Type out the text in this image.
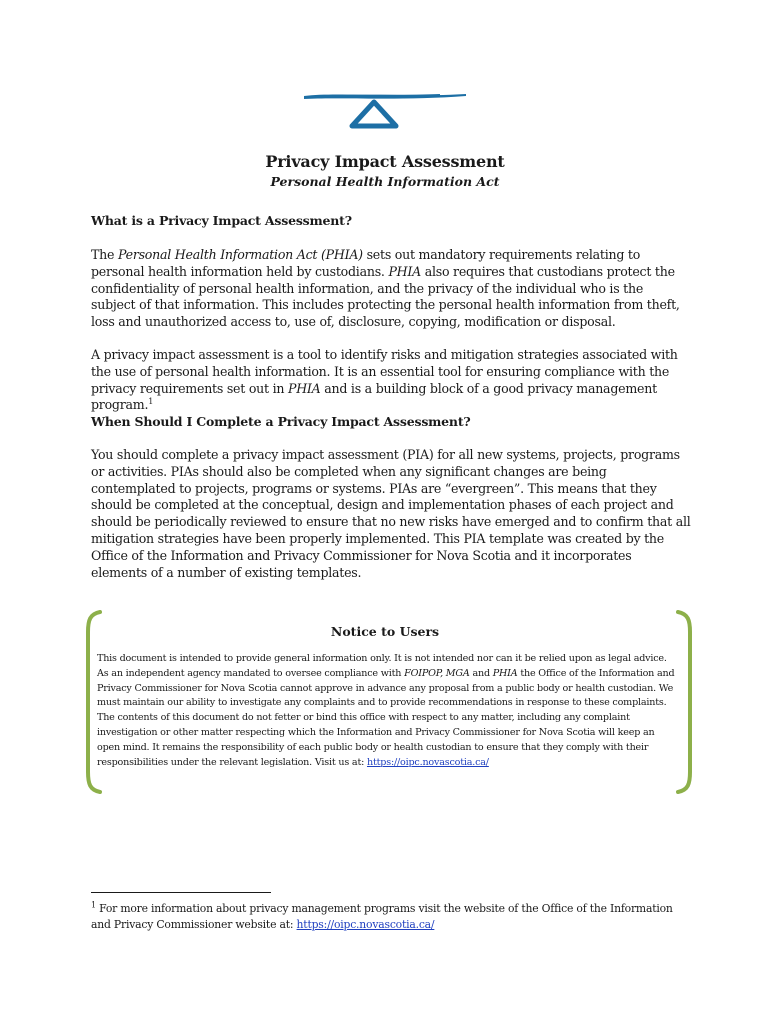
Privacy Impact Assessment
Personal Health Information Act
What is a Privacy Impact Assessment?

The Personal Health Information Act (PHIA) sets out mandatory requirements relating to personal health information held by custodians. PHIA also requires that custodians protect the confidentiality of personal health information, and the privacy of the individual who is the subject of that information. This includes protecting the personal health information from theft, loss and unauthorized access to, use of, disclosure, copying, modification or disposal.

A privacy impact assessment is a tool to identify risks and mitigation strategies associated with the use of personal health information. It is an essential tool for ensuring compliance with the privacy requirements set out in PHIA and is a building block of a good privacy management program.$^1$

When Should I Complete a Privacy Impact Assessment?

You should complete a privacy impact assessment (PIA) for all new systems, projects, programs or activities. PIAs should also be completed when any significant changes are being contemplated to projects, programs or systems. PIAs are “evergreen”. This means that they should be completed at the conceptual, design and implementation phases of each project and should be periodically reviewed to ensure that no new risks have emerged and to confirm that all mitigation strategies have been properly implemented. This PIA template was created by the Office of the Information and Privacy Commissioner for Nova Scotia and it incorporates elements of a number of existing templates.

Notice to Users

This document is intended to provide general information only. It is not intended nor can it be relied upon as legal advice. As an independent agency mandated to oversee compliance with FOIPOP, MGA and PHIA the Office of the Information and Privacy Commissioner for Nova Scotia cannot approve in advance any proposal from a public body or health custodian. We must maintain our ability to investigate any complaints and to provide recommendations in response to these complaints. The contents of this document do not fetter or bind this office with respect to any matter, including any complaint investigation or other matter respecting which the Information and Privacy Commissioner for Nova Scotia will keep an open mind. It remains the responsibility of each public body or health custodian to ensure that they comply with their responsibilities under the relevant legislation. Visit us at: https://oipc.novascotia.ca/

$^1$ For more information about privacy management programs visit the website of the Office of the Information and Privacy Commissioner website at: https://oipc.novascotia.ca/
